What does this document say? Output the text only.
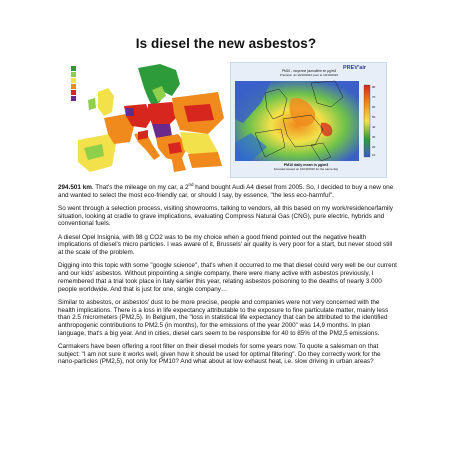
Is diesel the new asbestos?
PREV'air
PM10 - moyenne journalière en µg/m3
Prévision du 10/10/2010 pour le 10/10/2010
PM10 daily mean in µg/m3
Forecast issued on 10/10/2010 for the same day
80
70
60
50
40
30
20
10

294.501 km. That's the mileage on my car, a 2nd hand bought Audi A4 diesel from 2005. So, I decided to buy a new one and wanted to select the most eco-friendly car, or should I say, by essence, "the less eco-harmful".

So went through a selection process, visiting showrooms, talking to vendors, all this based on my work/residence/family situation, looking at cradle to grave implications, evaluating Compress Natural Gas (CNG), pure electric, hybrids and conventional fuels.

A diesel Opel Insignia, with 98 g CO2 was to be my choice when a good friend pointed out the negative health implications of diesel's micro particles. I was aware of it, Brussels' air quality is very poor for a start, but never stood still at the scale of the problem.

Digging into this topic with some "google science", that's when it occurred to me that diesel could very well be our current and our kids' asbestos. Without pinpointing a single company, there were many active with asbestos previously, I remembered that a trial took place in Italy earlier this year, relating asbestos poisoning to the deaths of nearly 3.000 people worldwide. And that is just for one, single company…

Similar to asbestos, or asbestos' dust to be more precise, people and companies were not very concerned with the health implications. There is a loss in life expectancy attributable to the exposure to fine particulate matter, mainly less than 2.5 micrometers (PM2,5). In Belgium, the "loss in statistical life expectancy that can be attributed to the identified anthropogenic contributions to PM2.5 (in months), for the emissions of the year 2000" was 14,9 months. In plan language, that's a big year. And in cities, diesel cars seem to be responsible for 40 to 85% of the PM2,5 emissions.

Carmakers have been offering a root filter on their diesel models for some years now. To quote a salesman on that subject: "I am not sure it works well, given how it should be used for optimal filtering". Do they correctly work for the nano-particles (PM2,5), not only for PM10? And what about at low exhaust heat, i.e. slow driving in urban areas?
